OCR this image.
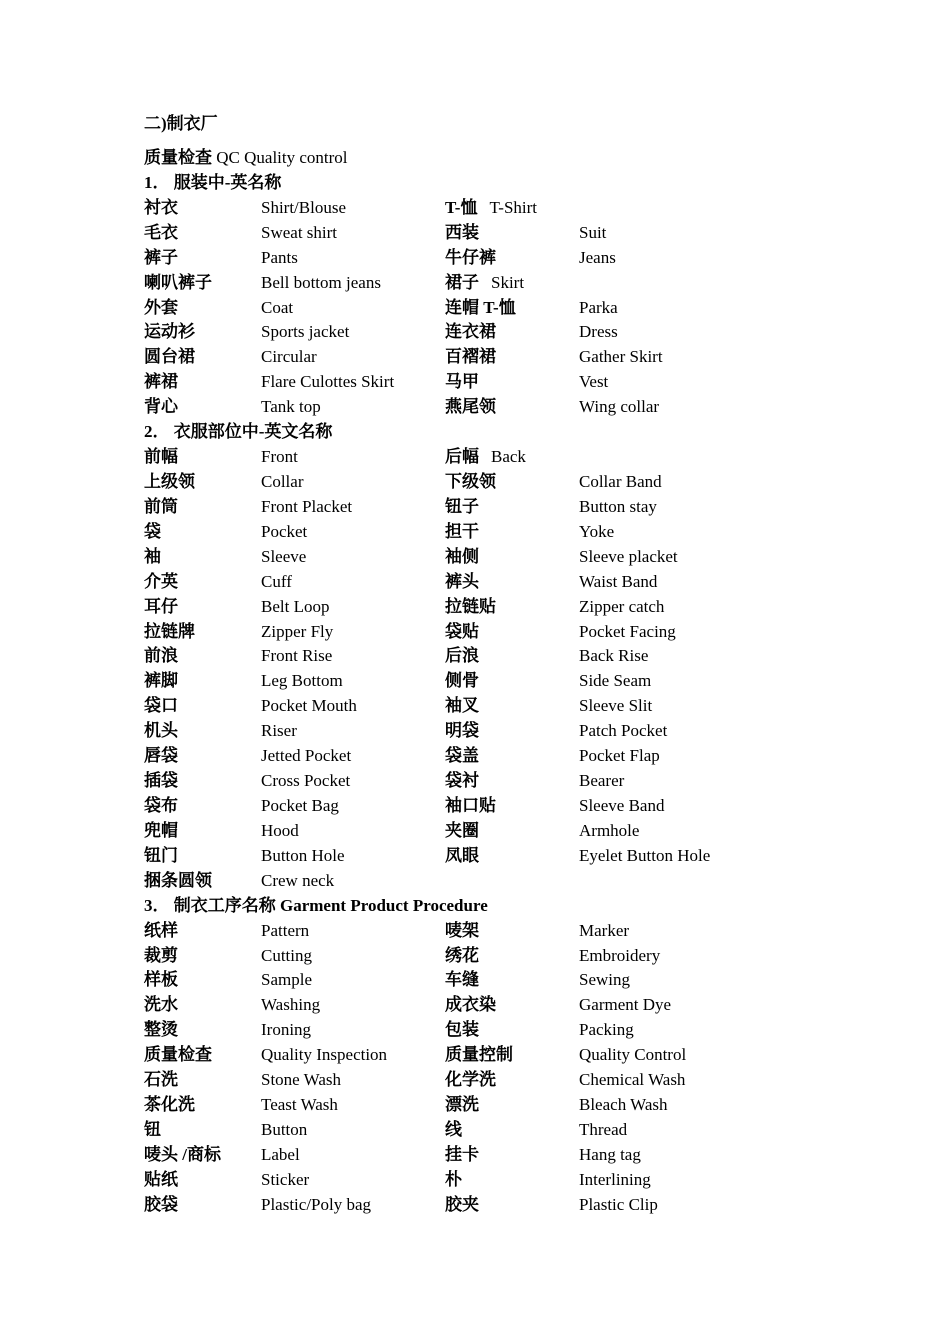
二)制衣厂
质量检查 QC Quality control
1． 服装中-英名称
衬衣	Shirt/Blouse	T-恤 T-Shirt
毛衣	Sweat shirt	西装	Suit
裤子	Pants	牛仔裤	Jeans
喇叭裤子	Bell bottom jeans	裙子 Skirt
外套	Coat	连帽 T-恤	Parka
运动衫	Sports jacket	连衣裙	Dress
圆台裙	Circular	百褶裙	Gather Skirt
裤裙	Flare Culottes Skirt	马甲	Vest
背心	Tank top	燕尾领	Wing collar
2． 衣服部位中-英文名称
前幅	Front	后幅 Back
上级领	Collar	下级领	Collar Band
前筒	Front Placket	钮子	Button stay
袋	Pocket	担干	Yoke
袖	Sleeve	袖侧	Sleeve placket
介英	Cuff	裤头	Waist Band
耳仔	Belt Loop	拉链贴	Zipper catch
拉链牌	Zipper Fly	袋贴	Pocket Facing
前浪	Front Rise	后浪	Back Rise
裤脚	Leg Bottom	侧骨	Side Seam
袋口	Pocket Mouth	袖叉	Sleeve Slit
机头	Riser	明袋	Patch Pocket
唇袋	Jetted Pocket	袋盖	Pocket Flap
插袋	Cross Pocket	袋衬	Bearer
袋布	Pocket Bag	袖口贴	Sleeve Band
兜帽	Hood	夹圈	Armhole
钮门	Button Hole	凤眼	Eyelet Button Hole
捆条圆领	Crew neck
3． 制衣工序名称 Garment Product Procedure
纸样	Pattern	唛架	Marker
裁剪	Cutting	绣花	Embroidery
样板	Sample	车缝	Sewing
洗水	Washing	成衣染	Garment Dye
整烫	Ironing	包装	Packing
质量检查	Quality Inspection	质量控制	Quality Control
石洗	Stone Wash	化学洗	Chemical Wash
茶化洗	Teast Wash	漂洗	Bleach Wash
钮	Button	线	Thread
唛头 /商标 Label	挂卡	Hang tag
贴纸	Sticker	朴	Interlining
胶袋	Plastic/Poly bag	胶夹	Plastic Clip
